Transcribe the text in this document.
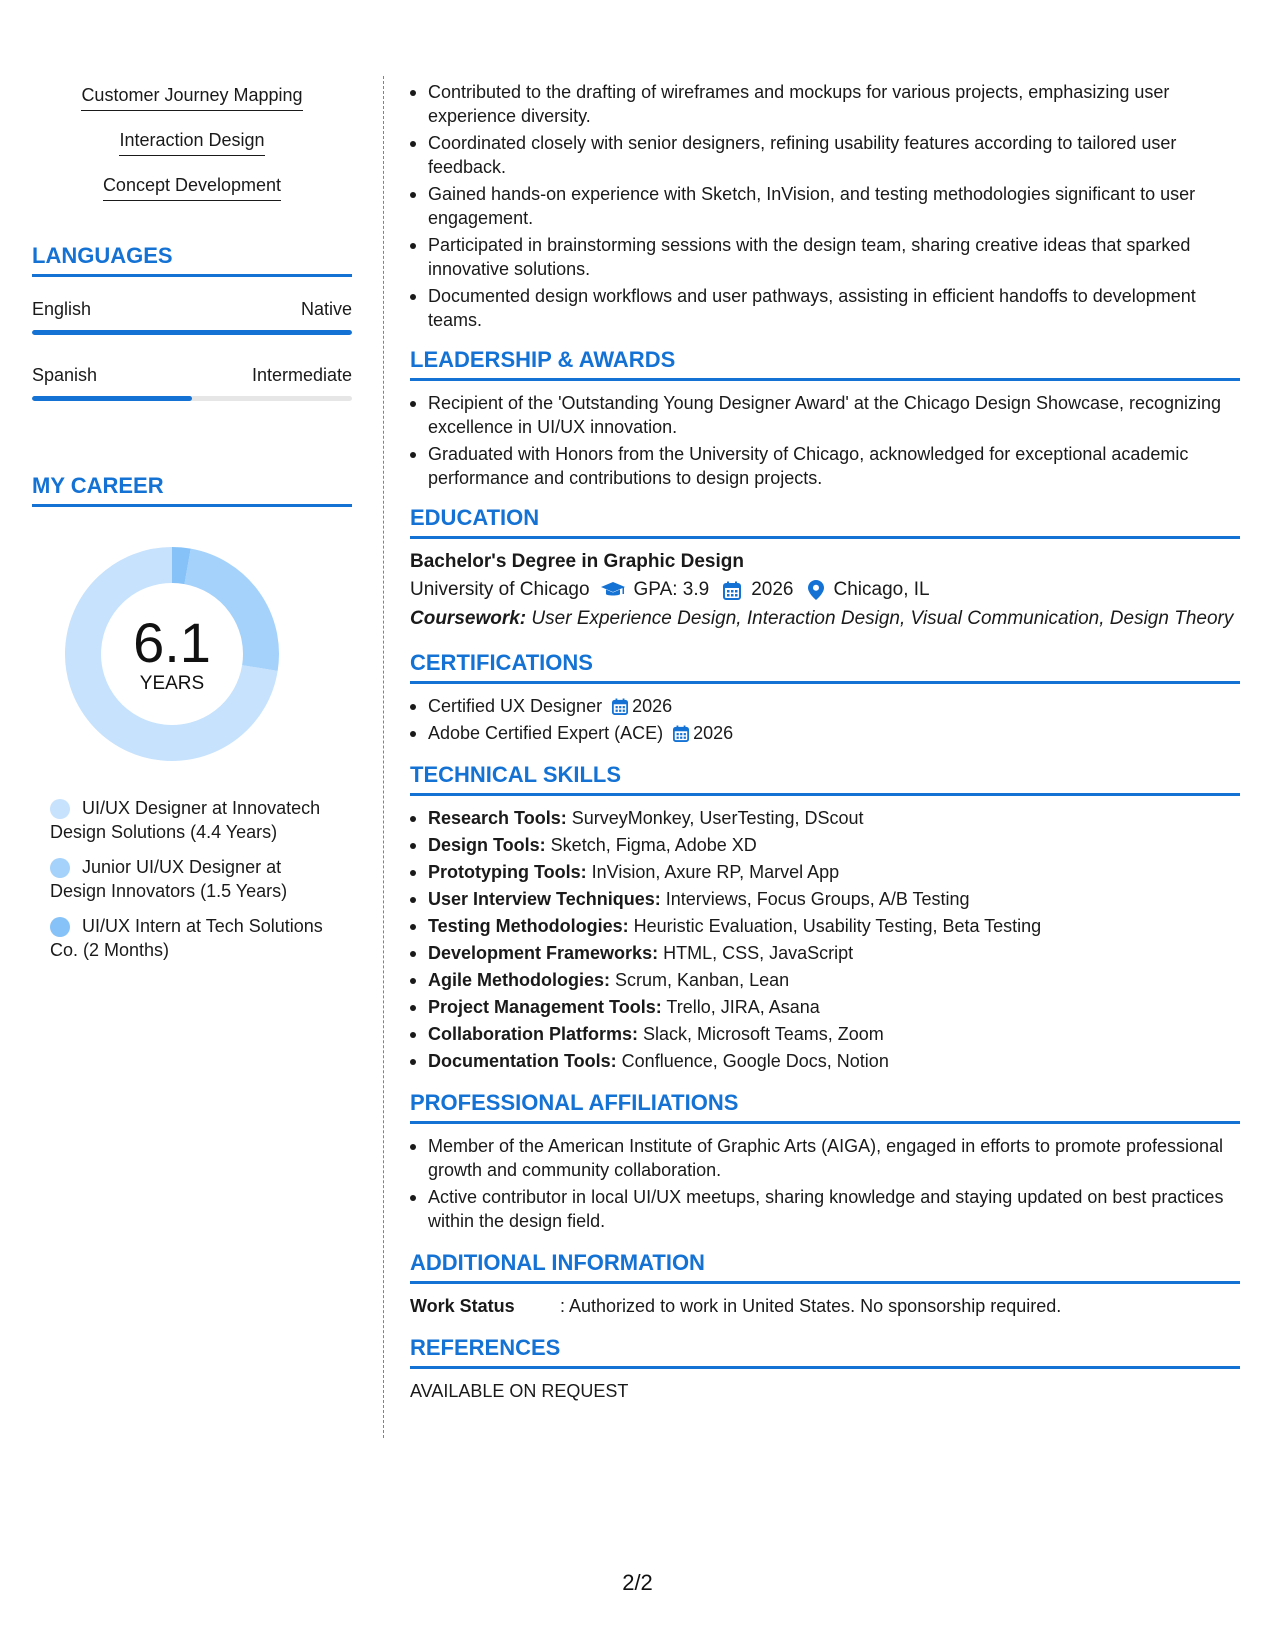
Customer Journey Mapping
Interaction Design
Concept Development
LANGUAGES
English	Native
Spanish	Intermediate
MY CAREER
6.1
YEARS
UI/UX Designer at Innovatech Design Solutions (4.4 Years)
Junior UI/UX Designer at Design Innovators (1.5 Years)
UI/UX Intern at Tech Solutions Co. (2 Months)
Contributed to the drafting of wireframes and mockups for various projects, emphasizing user experience diversity.
Coordinated closely with senior designers, refining usability features according to tailored user feedback.
Gained hands-on experience with Sketch, InVision, and testing methodologies significant to user engagement.
Participated in brainstorming sessions with the design team, sharing creative ideas that sparked innovative solutions.
Documented design workflows and user pathways, assisting in efficient handoffs to development teams.
LEADERSHIP & AWARDS
Recipient of the 'Outstanding Young Designer Award' at the Chicago Design Showcase, recognizing excellence in UI/UX innovation.
Graduated with Honors from the University of Chicago, acknowledged for exceptional academic performance and contributions to design projects.
EDUCATION
Bachelor's Degree in Graphic Design
University of Chicago GPA: 3.9 2026 Chicago, IL
Coursework: User Experience Design, Interaction Design, Visual Communication, Design Theory
CERTIFICATIONS
Certified UX Designer 2026
Adobe Certified Expert (ACE) 2026
TECHNICAL SKILLS
Research Tools: SurveyMonkey, UserTesting, DScout
Design Tools: Sketch, Figma, Adobe XD
Prototyping Tools: InVision, Axure RP, Marvel App
User Interview Techniques: Interviews, Focus Groups, A/B Testing
Testing Methodologies: Heuristic Evaluation, Usability Testing, Beta Testing
Development Frameworks: HTML, CSS, JavaScript
Agile Methodologies: Scrum, Kanban, Lean
Project Management Tools: Trello, JIRA, Asana
Collaboration Platforms: Slack, Microsoft Teams, Zoom
Documentation Tools: Confluence, Google Docs, Notion
PROFESSIONAL AFFILIATIONS
Member of the American Institute of Graphic Arts (AIGA), engaged in efforts to promote professional growth and community collaboration.
Active contributor in local UI/UX meetups, sharing knowledge and staying updated on best practices within the design field.
ADDITIONAL INFORMATION
Work Status	: Authorized to work in United States. No sponsorship required.
REFERENCES
AVAILABLE ON REQUEST
2/2
